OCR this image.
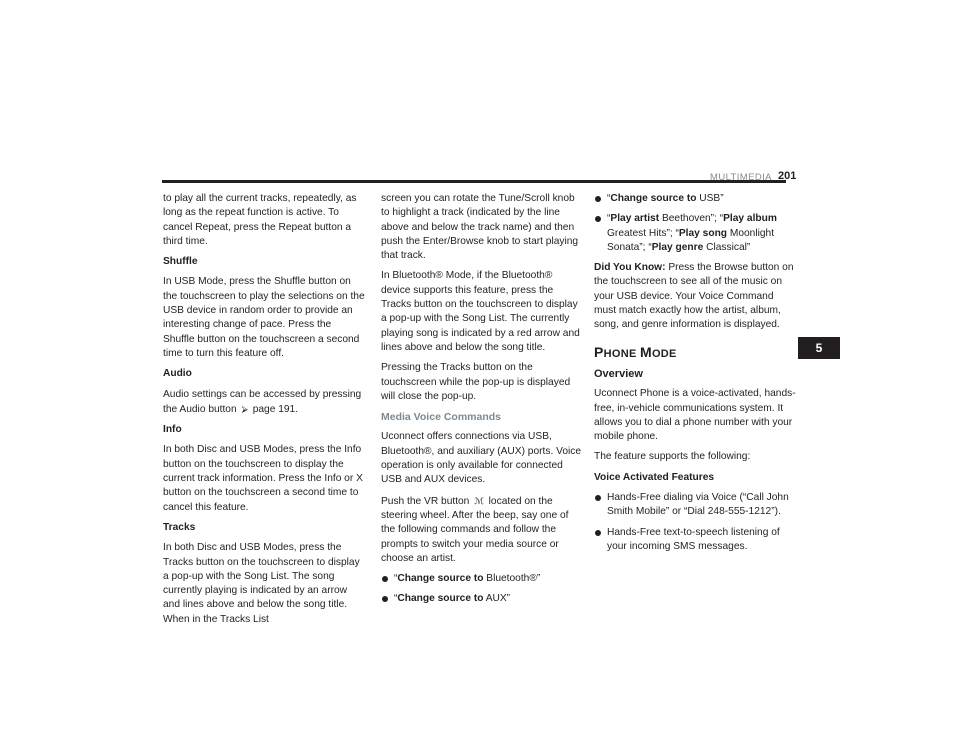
MULTIMEDIA 201
5

to play all the current tracks, repeatedly, as long as the repeat function is active. To cancel Repeat, press the Repeat button a third time.

Shuffle

In USB Mode, press the Shuffle button on the touchscreen to play the selections on the USB device in random order to provide an interesting change of pace. Press the Shuffle button on the touchscreen a second time to turn this feature off.

Audio

Audio settings can be accessed by pressing the Audio button ⮚ page 191.

Info

In both Disc and USB Modes, press the Info button on the touchscreen to display the current track information. Press the Info or X button on the touchscreen a second time to cancel this feature.

Tracks

In both Disc and USB Modes, press the Tracks button on the touchscreen to display a pop-up with the Song List. The song currently playing is indicated by an arrow and lines above and below the song title. When in the Tracks List

screen you can rotate the Tune/Scroll knob to highlight a track (indicated by the line above and below the track name) and then push the Enter/Browse knob to start playing that track.

In Bluetooth® Mode, if the Bluetooth® device supports this feature, press the Tracks button on the touchscreen to display a pop-up with the Song List. The currently playing song is indicated by a red arrow and lines above and below the song title.

Pressing the Tracks button on the touchscreen while the pop-up is displayed will close the pop-up.

Media Voice Commands

Uconnect offers connections via USB, Bluetooth®, and auxiliary (AUX) ports. Voice operation is only available for connected USB and AUX devices.

Push the VR button ℳ located on the steering wheel. After the beep, say one of the following commands and follow the prompts to switch your media source or choose an artist.

“Change source to Bluetooth®”
“Change source to AUX”
“Change source to USB”
“Play artist Beethoven”; “Play album Greatest Hits”; “Play song Moonlight Sonata”; “Play genre Classical”

Did You Know: Press the Browse button on the touchscreen to see all of the music on your USB device. Your Voice Command must match exactly how the artist, album, song, and genre information is displayed.

PHONE MODE

Overview

Uconnect Phone is a voice-activated, hands-free, in-vehicle communications system. It allows you to dial a phone number with your mobile phone.

The feature supports the following:

Voice Activated Features

Hands-Free dialing via Voice (“Call John Smith Mobile” or “Dial 248-555-1212”).
Hands-Free text-to-speech listening of your incoming SMS messages.
